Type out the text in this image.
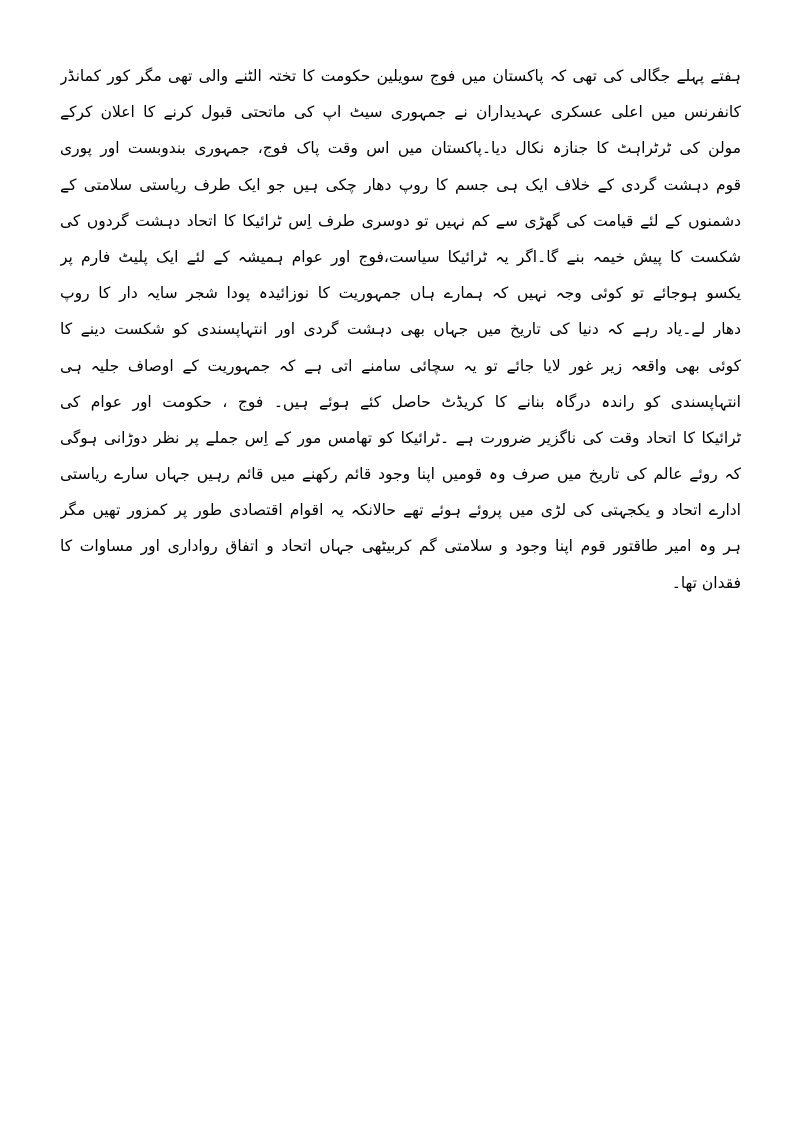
ہفتے پہلے جگالی کی تھی کہ پاکستان میں فوج سویلین حکومت کا تختہ الٹنے والی تھی مگر کور کمانڈر
کانفرنس میں اعلی عسکری عہدیداران نے جمہوری سیٹ اپ کی ماتحتی قبول کرنے کا اعلان کرکے
مولن کی ٹرٹراہٹ کا جنازہ نکال دیا۔پاکستان میں اس وقت پاک فوج، جمہوری بندوبست اور پوری
قوم دہشت گردی کے خلاف ایک ہی جسم کا روپ دھار چکی ہیں جو ایک طرف ریاستی سلامتی کے
دشمنوں کے لئے قیامت کی گھڑی سے کم نہیں تو دوسری طرف اِس ٹرائیکا کا اتحاد دہشت گردوں کی
شکست کا پیش خیمہ بنے گا۔اگر یہ ٹرائیکا سیاست،فوج اور عوام ہمیشہ کے لئے ایک پلیٹ فارم پر
یکسو ہوجائے تو کوئی وجہ نہیں کہ ہمارے ہاں جمہوریت کا نوزائیدہ پودا شجر سایہ دار کا روپ
دھار لے۔یاد رہے کہ دنیا کی تاریخ میں جہاں بھی دہشت گردی اور انتہاپسندی کو شکست دینے کا
کوئی بھی واقعہ زیر غور لایا جائے تو یہ سچائی سامنے اتی ہے کہ جمہوریت کے اوصاف جلیہ ہی
انتہاپسندی کو راندہ درگاہ بنانے کا کریڈٹ حاصل کئے ہوئے ہیں۔ فوج ، حکومت اور عوام کی
ٹرائیکا کا اتحاد وقت کی ناگزیر ضرورت ہے ۔ٹرائیکا کو تھامس مور کے اِس جملے پر نظر دوڑانی ہوگی
کہ روئے عالم کی تاریخ میں صرف وہ قومیں اپنا وجود قائم رکھنے میں قائم رہیں جہاں سارے ریاستی
ادارے اتحاد و یکجہتی کی لڑی میں پروئے ہوئے تھے حالانکہ یہ اقوام اقتصادی طور پر کمزور تھیں مگر
ہر وہ امیر طاقتور قوم اپنا وجود و سلامتی گم کربیٹھی جہاں اتحاد و اتفاق رواداری اور مساوات کا
فقدان تھا۔
